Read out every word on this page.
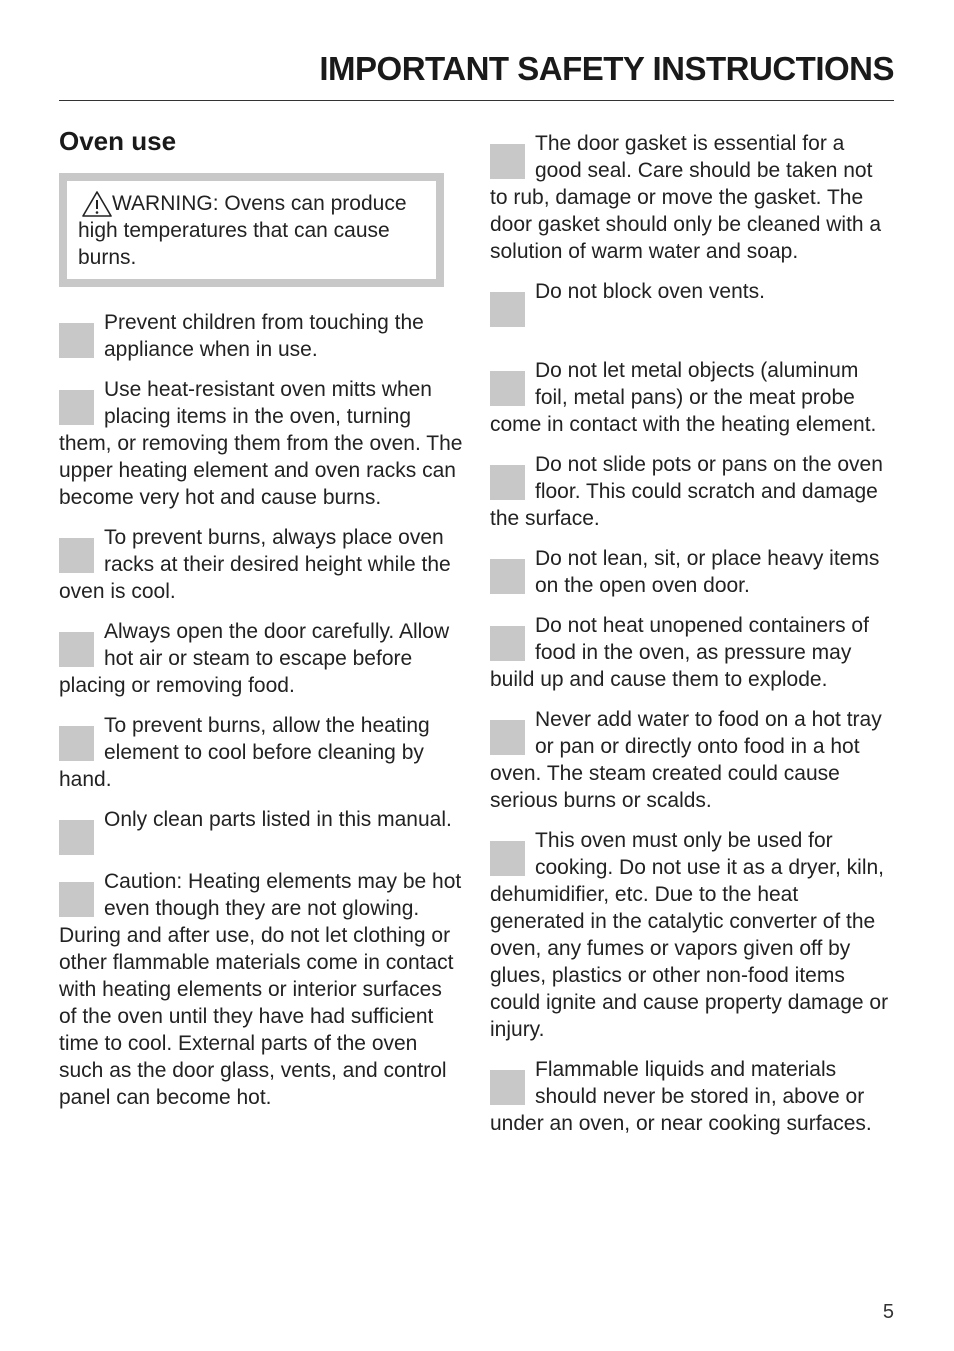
IMPORTANT SAFETY INSTRUCTIONS
Oven use
WARNING: Ovens can produce high temperatures that can cause burns.
Prevent children from touching the appliance when in use.
Use heat-resistant oven mitts when placing items in the oven, turning them, or removing them from the oven. The upper heating element and oven racks can become very hot and cause burns.
To prevent burns, always place oven racks at their desired height while the oven is cool.
Always open the door carefully. Allow hot air or steam to escape before placing or removing food.
To prevent burns, allow the heating element to cool before cleaning by hand.
Only clean parts listed in this manual.
Caution: Heating elements may be hot even though they are not glowing. During and after use, do not let clothing or other flammable materials come in contact with heating elements or interior surfaces of the oven until they have had sufficient time to cool. External parts of the oven such as the door glass, vents, and control panel can become hot.
The door gasket is essential for a good seal. Care should be taken not to rub, damage or move the gasket. The door gasket should only be cleaned with a solution of warm water and soap.
Do not block oven vents.
Do not let metal objects (aluminum foil, metal pans) or the meat probe come in contact with the heating element.
Do not slide pots or pans on the oven floor. This could scratch and damage the surface.
Do not lean, sit, or place heavy items on the open oven door.
Do not heat unopened containers of food in the oven, as pressure may build up and cause them to explode.
Never add water to food on a hot tray or pan or directly onto food in a hot oven. The steam created could cause serious burns or scalds.
This oven must only be used for cooking. Do not use it as a dryer, kiln, dehumidifier, etc. Due to the heat generated in the catalytic converter of the oven, any fumes or vapors given off by glues, plastics or other non-food items could ignite and cause property damage or injury.
Flammable liquids and materials should never be stored in, above or under an oven, or near cooking surfaces.
5
